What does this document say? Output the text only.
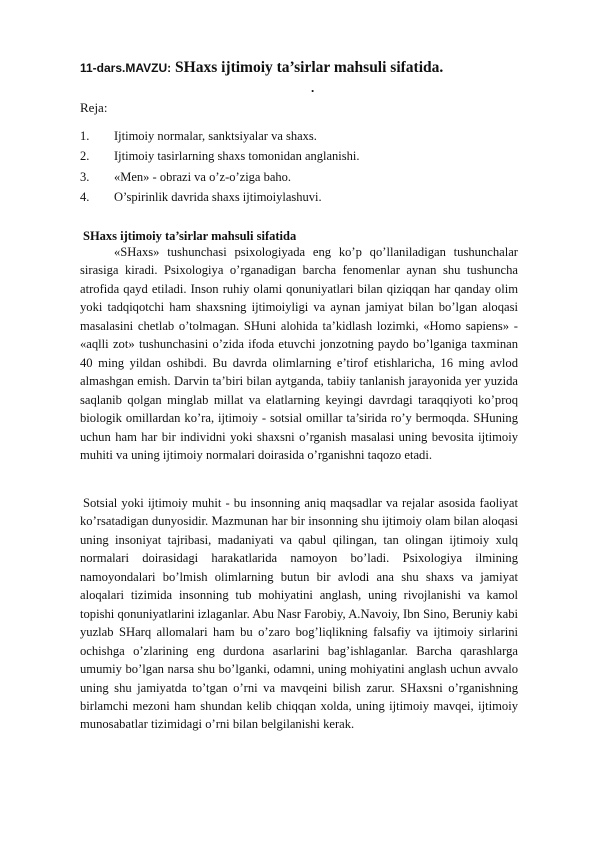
11-dars.MAVZU: SHaxs ijtimoiy ta’sirlar mahsuli sifatida.
.
Reja:
1. Ijtimoiy normalar, sanktsiyalar va shaxs.
2. Ijtimoiy tasirlarning shaxs tomonidan anglanishi.
3. «Men» - obrazi va o’z-o’ziga baho.
4. O’spirinlik davrida shaxs ijtimoiylashuvi.
SHaxs ijtimoiy ta’sirlar mahsuli sifatida

«SHaxs» tushunchasi psixologiyada eng ko’p qo’llaniladigan tushunchalar sirasiga kiradi. Psixologiya o’rganadigan barcha fenomenlar aynan shu tushuncha atrofida qayd etiladi. Inson ruhiy olami qonuniyatlari bilan qiziqqan har qanday olim yoki tadqiqotchi ham shaxsning ijtimoiyligi va aynan jamiyat bilan bo’lgan aloqasi masalasini chetlab o’tolmagan. SHuni alohida ta’kidlash lozimki, «Homo sapiens» - «aqlli zot» tushunchasini o’zida ifoda etuvchi jonzotning paydo bo’lganiga taxminan 40 ming yildan oshibdi. Bu davrda olimlarning e’tirof etishlaricha, 16 ming avlod almashgan emish. Darvin ta’biri bilan aytganda, tabiiy tanlanish jarayonida yer yuzida saqlanib qolgan minglab millat va elatlarning keyingi davrdagi taraqqiyoti ko’proq biologik omillardan ko’ra, ijtimoiy - sotsial omillar ta’sirida ro’y bermoqda. SHuning uchun ham har bir individni yoki shaxsni o’rganish masalasi uning bevosita ijtimoiy muhiti va uning ijtimoiy normalari doirasida o’rganishni taqozo etadi.

Sotsial yoki ijtimoiy muhit - bu insonning aniq maqsadlar va rejalar asosida faoliyat ko’rsatadigan dunyosidir. Mazmunan har bir insonning shu ijtimoiy olam bilan aloqasi uning insoniyat tajribasi, madaniyati va qabul qilingan, tan olingan ijtimoiy xulq normalari doirasidagi harakatlarida namoyon bo’ladi. Psixologiya ilmining namoyondalari bo’lmish olimlarning butun bir avlodi ana shu shaxs va jamiyat aloqalari tizimida insonning tub mohiyatini anglash, uning rivojlanishi va kamol topishi qonuniyatlarini izlaganlar. Abu Nasr Farobiy, A.Navoiy, Ibn Sino, Beruniy kabi yuzlab SHarq allomalari ham bu o’zaro bog’liqlikning falsafiy va ijtimoiy sirlarini ochishga o’zlarining eng durdona asarlarini bag’ishlaganlar. Barcha qarashlarga umumiy bo’lgan narsa shu bo’lganki, odamni, uning mohiyatini anglash uchun avvalo uning shu jamiyatda to’tgan o’rni va mavqeini bilish zarur. SHaxsni o’rganishning birlamchi mezoni ham shundan kelib chiqqan xolda, uning ijtimoiy mavqei, ijtimoiy munosabatlar tizimidagi o’rni bilan belgilanishi kerak.
